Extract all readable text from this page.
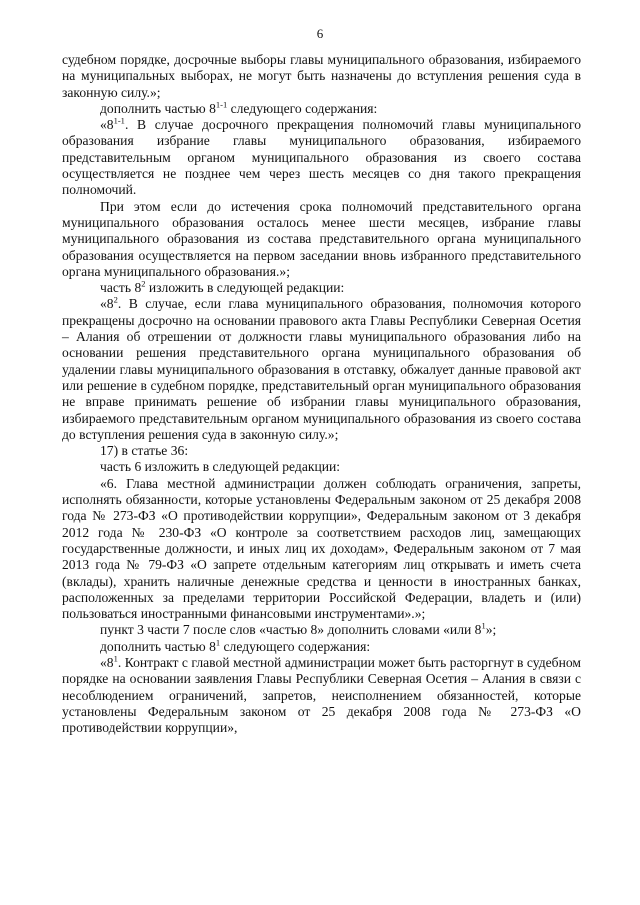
6

судебном порядке, досрочные выборы главы муниципального образования, избираемого на муниципальных выборах, не могут быть назначены до вступления решения суда в законную силу.»;

дополнить частью 8$^{1-1}$ следующего содержания:

«8$^{1-1}$. В случае досрочного прекращения полномочий главы муниципального образования избрание главы муниципального образования, избираемого представительным органом муниципального образования из своего состава осуществляется не позднее чем через шесть месяцев со дня такого прекращения полномочий.

При этом если до истечения срока полномочий представительного органа муниципального образования осталось менее шести месяцев, избрание главы муниципального образования из состава представительного органа муниципального образования осуществляется на первом заседании вновь избранного представительного органа муниципального образования.»;

часть $8^2$ изложить в следующей редакции:

«$8^2$. В случае, если глава муниципального образования, полномочия которого прекращены досрочно на основании правового акта Главы Республики Северная Осетия – Алания об отрешении от должности главы муниципального образования либо на основании решения представительного органа муниципального образования об удалении главы муниципального образования в отставку, обжалует данные правовой акт или решение в судебном порядке, представительный орган муниципального образования не вправе принимать решение об избрании главы муниципального образования, избираемого представительным органом муниципального образования из своего состава до вступления решения суда в законную силу.»;

17) в статье 36:

часть 6 изложить в следующей редакции:

«6. Глава местной администрации должен соблюдать ограничения, запреты, исполнять обязанности, которые установлены Федеральным законом от 25 декабря 2008 года № 273-ФЗ «О противодействии коррупции», Федеральным законом от 3 декабря 2012 года № 230-ФЗ «О контроле за соответствием расходов лиц, замещающих государственные должности, и иных лиц их доходам», Федеральным законом от 7 мая 2013 года № 79-ФЗ «О запрете отдельным категориям лиц открывать и иметь счета (вклады), хранить наличные денежные средства и ценности в иностранных банках, расположенных за пределами территории Российской Федерации, владеть и (или) пользоваться иностранными финансовыми инструментами».»;

пункт 3 части 7 после слов «частью 8» дополнить словами «или $8^1$»;

дополнить частью $8^1$ следующего содержания:

«$8^1$. Контракт с главой местной администрации может быть расторгнут в судебном порядке на основании заявления Главы Республики Северная Осетия – Алания в связи с несоблюдением ограничений, запретов, неисполнением обязанностей, которые установлены Федеральным законом от 25 декабря 2008 года № 273-ФЗ «О противодействии коррупции»,
